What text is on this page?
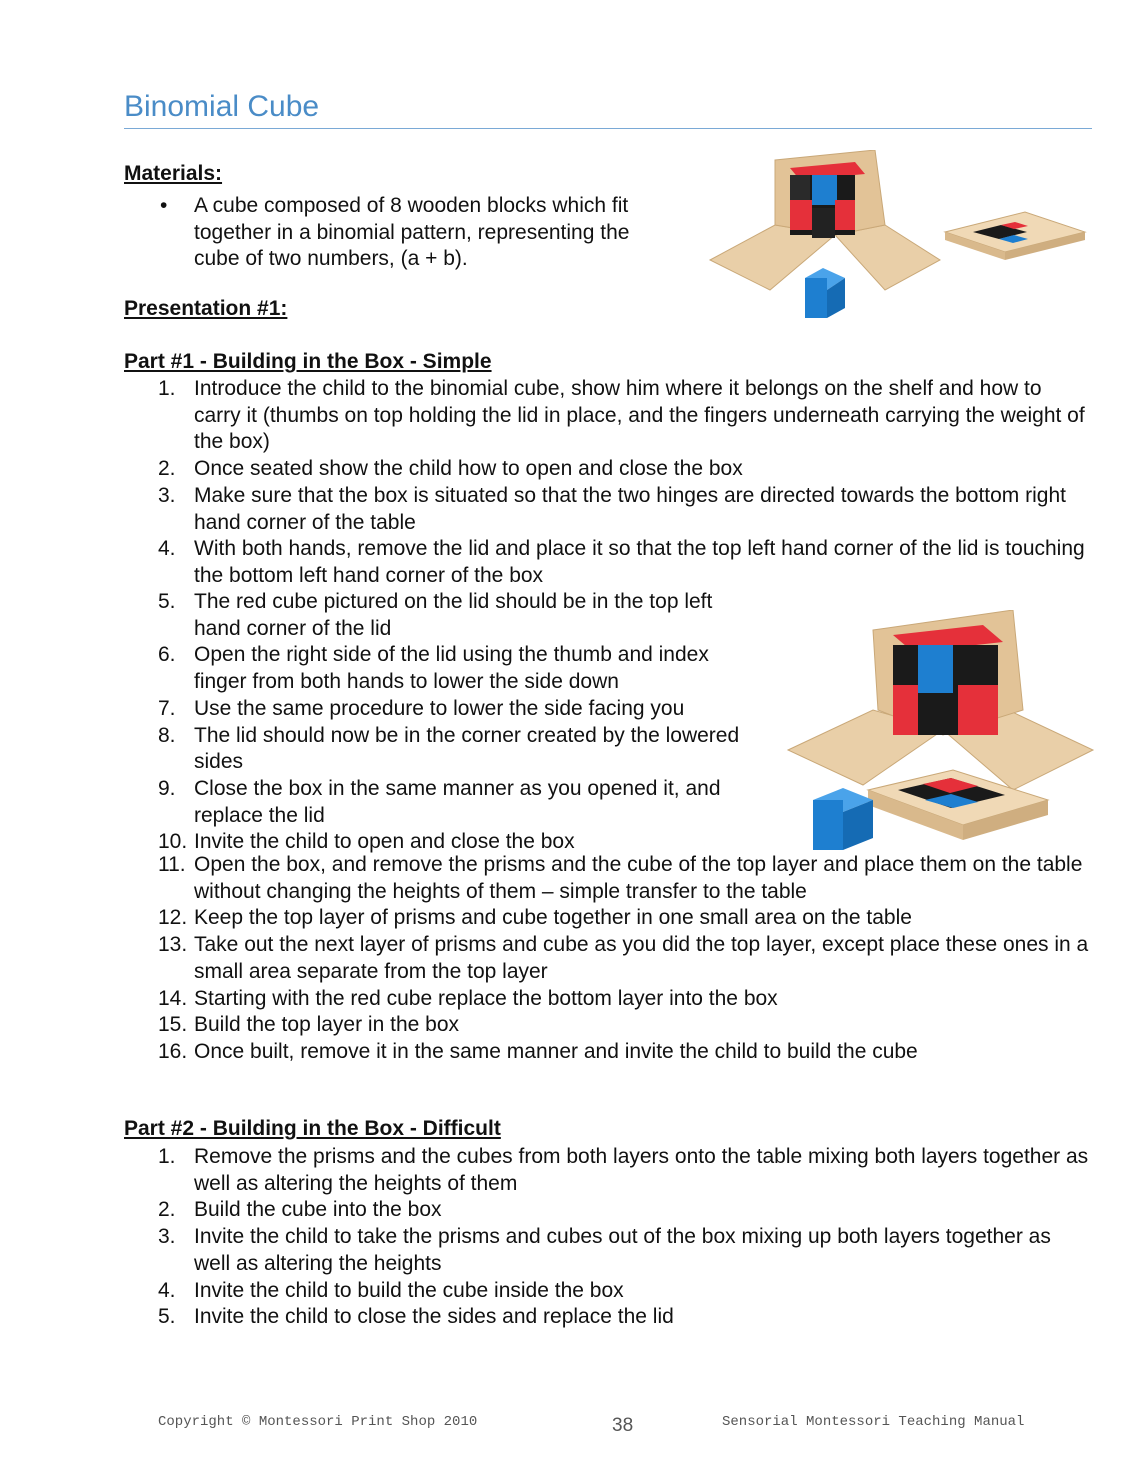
Binomial Cube
Materials:
• A cube composed of 8 wooden blocks which fit together in a binomial pattern, representing the cube of two numbers, (a + b).
Presentation #1:
Part #1 - Building in the Box - Simple
1. Introduce the child to the binomial cube, show him where it belongs on the shelf and how to carry it (thumbs on top holding the lid in place, and the fingers underneath carrying the weight of the box)
2. Once seated show the child how to open and close the box
3. Make sure that the box is situated so that the two hinges are directed towards the bottom right hand corner of the table
4. With both hands, remove the lid and place it so that the top left hand corner of the lid is touching the bottom left hand corner of the box
5. The red cube pictured on the lid should be in the top left hand corner of the lid
6. Open the right side of the lid using the thumb and index finger from both hands to lower the side down
7. Use the same procedure to lower the side facing you
8. The lid should now be in the corner created by the lowered sides
9. Close the box in the same manner as you opened it, and replace the lid
10. Invite the child to open and close the box
11. Open the box, and remove the prisms and the cube of the top layer and place them on the table without changing the heights of them – simple transfer to the table
12. Keep the top layer of prisms and cube together in one small area on the table
13. Take out the next layer of prisms and cube as you did the top layer, except place these ones in a small area separate from the top layer
14. Starting with the red cube replace the bottom layer into the box
15. Build the top layer in the box
16. Once built, remove it in the same manner and invite the child to build the cube
Part #2 - Building in the Box - Difficult
1. Remove the prisms and the cubes from both layers onto the table mixing both layers together as well as altering the heights of them
2. Build the cube into the box
3. Invite the child to take the prisms and cubes out of the box mixing up both layers together as well as altering the heights
4. Invite the child to build the cube inside the box
5. Invite the child to close the sides and replace the lid
Copyright © Montessori Print Shop 2010	38	Sensorial Montessori Teaching Manual
